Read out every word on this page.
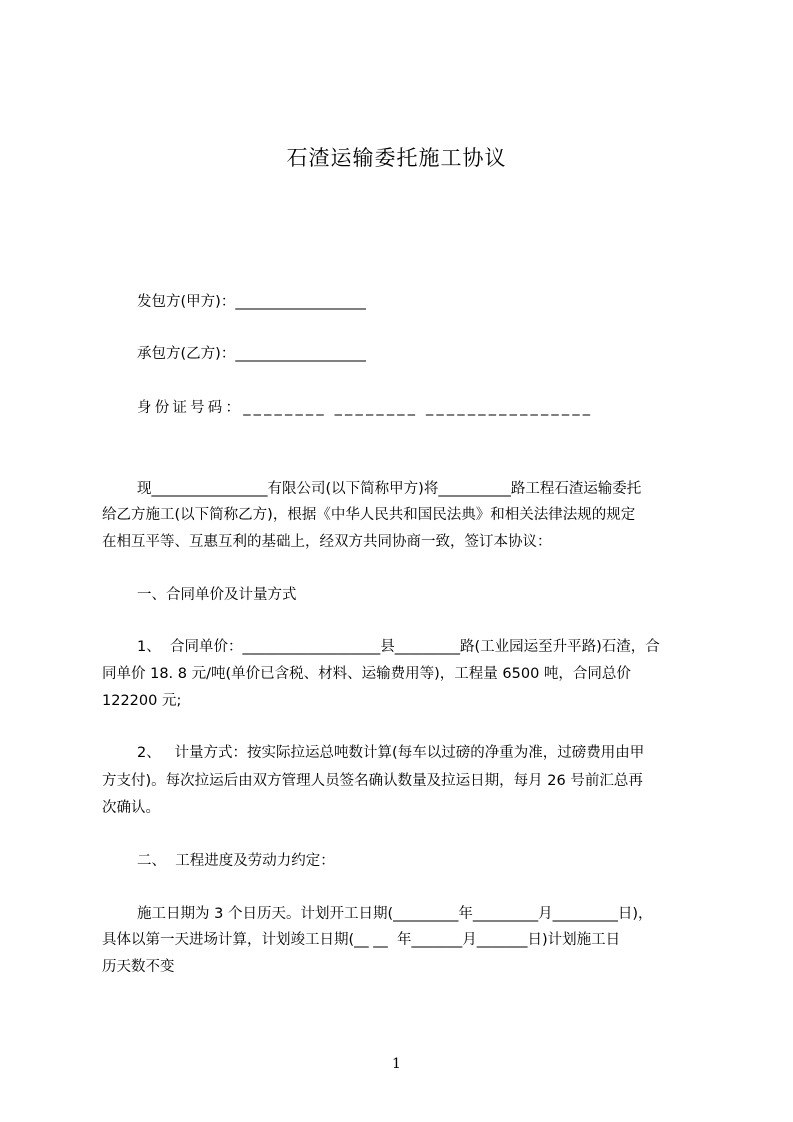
石渣运输委托施工协议
发包方(甲方)：__________________
承包方(乙方)：__________________
身份证号码：________ ________ ________________
现________________有限公司(以下简称甲方)将__________路工程石渣运输委托
给乙方施工(以下简称乙方)，根据《中华人民共和国民法典》和相关法律法规的规定
在相互平等、互惠互利的基础上，经双方共同协商一致，签订本协议：
一、合同单价及计量方式
1、  合同单价：___________________县_________路(工业园运至升平路)石渣，合
同单价 18. 8 元/吨(单价已含税、材料、运输费用等)，工程量 6500 吨，合同总价
122200 元;
2、   计量方式：按实际拉运总吨数计算(每车以过磅的净重为准，过磅费用由甲
方支付)。每次拉运后由双方管理人员签名确认数量及拉运日期，每月 26 号前汇总再
次确认。
二、  工程进度及劳动力约定：
施工日期为 3 个日历天。计划开工日期(_________年_________月_________日)，
具体以第一天进场计算，计划竣工日期(__ __  年_______月_______日)计划施工日
历天数不变
1
